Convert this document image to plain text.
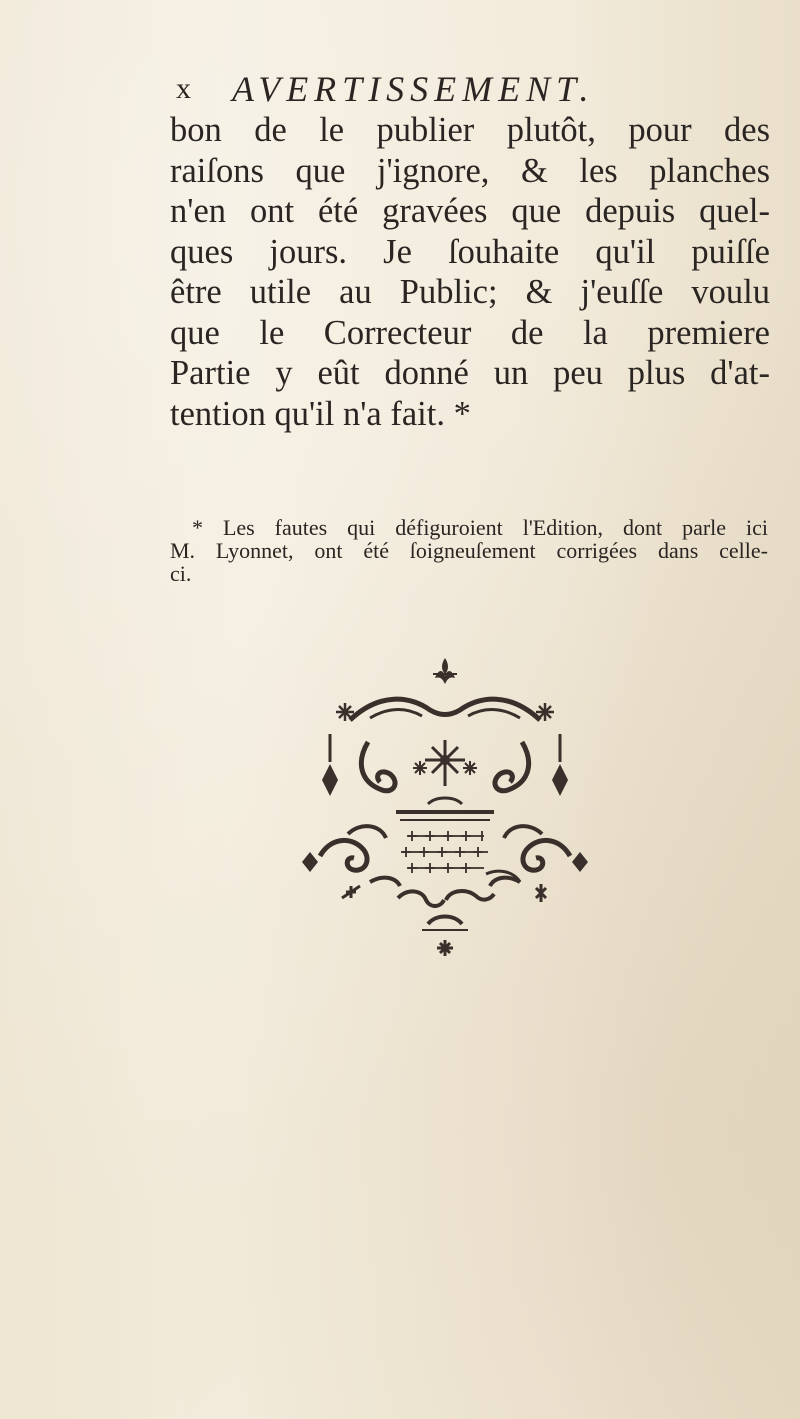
x AVERTISSEMENT.
bon de le publier plutôt, pour des
raiſons que j'ignore, & les planches
n'en ont été gravées que depuis quel-
ques jours. Je ſouhaite qu'il puiſſe
être utile au Public; & j'euſſe voulu
que le Correcteur de la premiere
Partie y eût donné un peu plus d'at-
tention qu'il n'a fait. *
* Les fautes qui défiguroient l'Edition, dont parle ici
M. Lyonnet, ont été ſoigneuſement corrigées dans celle-
ci.
